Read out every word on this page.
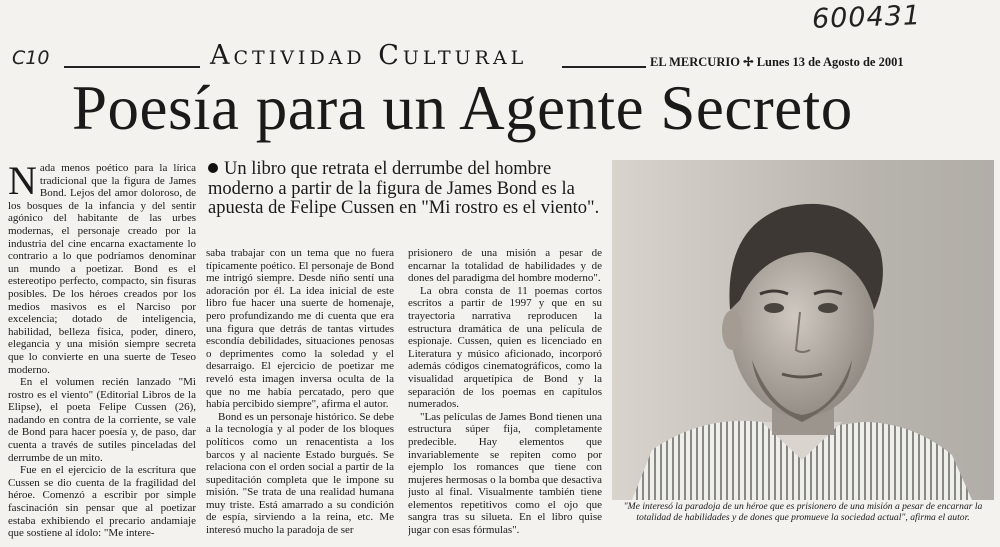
600431
C10	Actividad Cultural	EL MERCURIO ✢ Lunes 13 de Agosto de 2001
Poesía para un Agente Secreto

Nada menos poético para la lírica tradicional que la figura de James Bond. Lejos del amor doloroso, de los bosques de la infancia y del sentir agónico del habitante de las urbes modernas, el personaje creado por la industria del cine encarna exactamente lo contrario a lo que podríamos denominar un mundo a poetizar. Bond es el estereotipo perfecto, compacto, sin fisuras posibles. De los héroes creados por los medios masivos es el Narciso por excelencia; dotado de inteligencia, habilidad, belleza física, poder, dinero, elegancia y una misión siempre secreta que lo convierte en una suerte de Teseo moderno.

En el volumen recién lanzado "Mi rostro es el viento" (Editorial Libros de la Elipse), el poeta Felipe Cussen (26), nadando en contra de la corriente, se vale de Bond para hacer poesía y, de paso, dar cuenta a través de sutiles pinceladas del derrumbe de un mito.

Fue en el ejercicio de la escritura que Cussen se dio cuenta de la fragilidad del héroe. Comenzó a escribir por simple fascinación sin pensar que al poetizar estaba exhibiendo el precario andamiaje que sostiene al ídolo: "Me intere-

Un libro que retrata el derrumbe del hombre moderno a partir de la figura de James Bond es la apuesta de Felipe Cussen en "Mi rostro es el viento".

saba trabajar con un tema que no fuera típicamente poético. El personaje de Bond me intrigó siempre. Desde niño sentí una adoración por él. La idea inicial de este libro fue hacer una suerte de homenaje, pero profundizando me di cuenta que era una figura que detrás de tantas virtudes escondía debilidades, situaciones penosas o deprimentes como la soledad y el desarraigo. El ejercicio de poetizar me reveló esta imagen inversa oculta de la que no me había percatado, pero que había percibido siempre", afirma el autor.

Bond es un personaje histórico. Se debe a la tecnología y al poder de los bloques políticos como un renacentista a los barcos y al naciente Estado burgués. Se relaciona con el orden social a partir de la supeditación completa que le impone su misión. "Se trata de una realidad humana muy triste. Está amarrado a su condición de espía, sirviendo a la reina, etc. Me interesó mucho la paradoja de ser

prisionero de una misión a pesar de encarnar la totalidad de habilidades y de dones del paradigma del hombre moderno".

La obra consta de 11 poemas cortos escritos a partir de 1997 y que en su trayectoria narrativa reproducen la estructura dramática de una película de espionaje. Cussen, quien es licenciado en Literatura y músico aficionado, incorporó además códigos cinematográficos, como la visualidad arquetípica de Bond y la separación de los poemas en capítulos numerados.

"Las películas de James Bond tienen una estructura súper fija, completamente predecible. Hay elementos que invariablemente se repiten como por ejemplo los romances que tiene con mujeres hermosas o la bomba que desactiva justo al final. Visualmente también tiene elementos repetitivos como el ojo que sangra tras su silueta. En el libro quise jugar con esas fórmulas".

"Me interesó la paradoja de un héroe que es prisionero de una misión a pesar de encarnar la totalidad de habilidades y de dones que promueve la sociedad actual", afirma el autor.
